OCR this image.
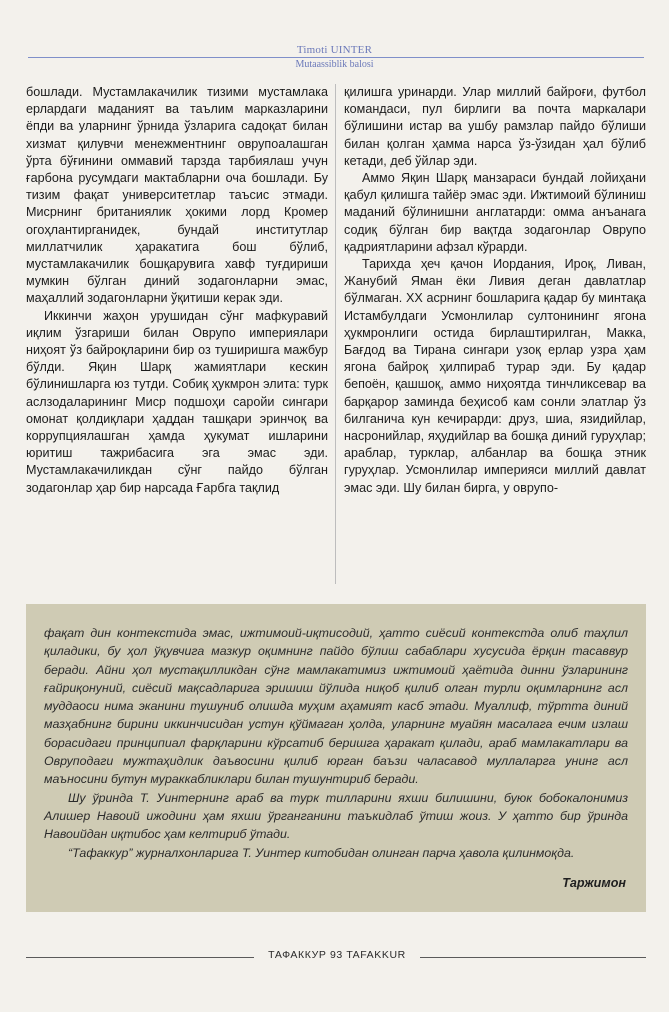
Timoti UINTER
Mutaassiblik balosi

бошлади. Мустамлакачилик тизими мустамлака ерлардаги маданият ва таълим марказларини ёпди ва уларнинг ўрнида ўзларига садоқат билан хизмат қилувчи менежментнинг оврупоалашган ўрта бўғинини оммавий тарзда тарбиялаш учун ғарбона русумдаги мактабларни оча бошлади. Бу тизим фақат университетлар таъсис этмади. Мисрнинг британиялик ҳокими лорд Кромер огоҳлантирганидек, бундай институтлар миллатчилик ҳаракатига бош бўлиб, мустамлакачилик бошқарувига хавф туғдириши мумкин бўлган диний зодагонларни эмас, маҳаллий зодагонларни ўқитиши керак эди.

Иккинчи жаҳон урушидан сўнг мафкуравий иқлим ўзгариши билан Оврупо империялари ниҳоят ўз байроқларини бир оз туширишга мажбур бўлди. Яқин Шарқ жамиятлари кескин бўлинишларга юз тутди. Собиқ ҳукмрон элита: турк аслзодаларининг Миср подшоҳи саройи сингари омонат қолдиқлари ҳаддан ташқари эринчоқ ва коррупциялашган ҳамда ҳукумат ишларини юритиш тажрибасига эга эмас эди. Мустамлакачиликдан сўнг пайдо бўлган зодагонлар ҳар бир нарсада Ғарбга тақлид

қилишга уринарди. Улар миллий байроғи, футбол командаси, пул бирлиги ва почта маркалари бўлишини истар ва ушбу рамзлар пайдо бўлиши билан қолган ҳамма нарса ўз-ўзидан ҳал бўлиб кетади, деб ўйлар эди.

Аммо Яқин Шарқ манзараси бундай лойиҳани қабул қилишга тайёр эмас эди. Ижтимоий бўлиниш маданий бўлинишни англатарди: омма анъанага содиқ бўлган бир вақтда зодагонлар Оврупо қадриятларини афзал кўрарди.

Тарихда ҳеч қачон Иордания, Ироқ, Ливан, Жанубий Яман ёки Ливия деган давлатлар бўлмаган. XX асрнинг бошларига қадар бу минтақа Истамбулдаги Усмонлилар султонининг ягона ҳукмронлиги остида бирлаштирилган, Макка, Бағдод ва Тирана сингари узоқ ерлар узра ҳам ягона байроқ ҳилпираб турар эди. Бу қадар бепоён, қашшоқ, аммо ниҳоятда тинчликсевар ва барқарор заминда беҳисоб кам сонли элатлар ўз билганича кун кечирарди: друз, шиа, язидийлар, насронийлар, яҳудийлар ва бошқа диний гуруҳлар; араблар, турклар, албанлар ва бошқа этник гуруҳлар. Усмонлилар империяси миллий давлат эмас эди. Шу билан бирга, у оврупо-

фақат дин контекстида эмас, ижтимоий-иқтисодий, ҳатто сиёсий контекстда олиб таҳлил қиладики, бу ҳол ўқувчига мазкур оқимнинг пайдо бўлиш сабаблари хусусида ёрқин тасаввур беради. Айни ҳол мустақилликдан сўнг мамлакатимиз ижтимоий ҳаётида динни ўзларининг ғайриқонуний, сиёсий мақсадларига эришиш йўлида ниқоб қилиб олган турли оқимларнинг асл муддаоси нима эканини тушуниб олишда муҳим аҳамият касб этади. Муаллиф, тўртта диний мазҳабнинг бирини иккинчисидан устун қўймаган ҳолда, уларнинг муайян масалага ечим излаш борасидаги принципиал фарқларини кўрсатиб беришга ҳаракат қилади, араб мамлакатлари ва Овруподаги мужтаҳидлик даъвосини қилиб юрган баъзи чаласавод муллаларга унинг асл маъносини бутун мураккабликлари билан тушунтириб беради.

Шу ўринда Т. Уинтернинг араб ва турк тилларини яхши билишини, буюк бобокалонимиз Алишер Навоий ижодини ҳам яхши ўрганганини таъкидлаб ўтиш жоиз. У ҳатто бир ўринда Навоийдан иқтибос ҳам келтириб ўтади.

“Тафаккур” журналхонларига Т. Уинтер китобидан олинган парча ҳавола қилинмоқда.

Таржимон
ТАФАККУР 93 TAFAKKUR
